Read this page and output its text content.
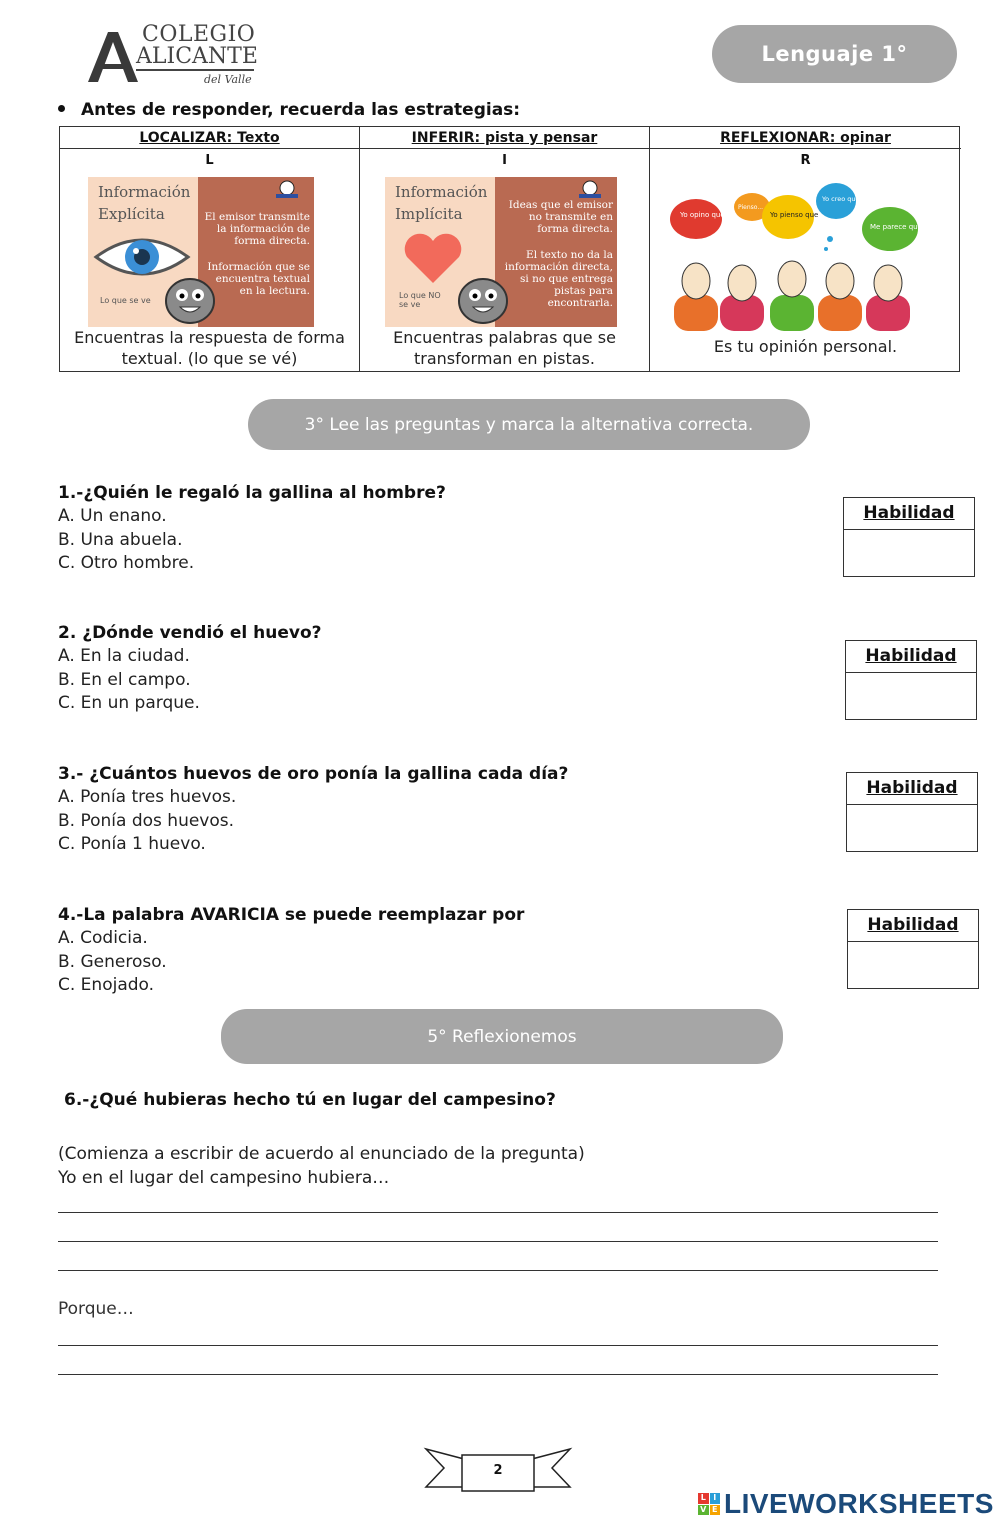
COLEGIO
ALICANTE
del Valle
Lenguaje 1°
Antes de responder, recuerda las estrategias:
LOCALIZAR: Texto
L
Información
Explícita	El emisor transmite la información de forma directa.
Información que se encuentra textual en la lectura.
Lo que se ve
Encuentras la respuesta de forma textual. (lo que se vé)
INFERIR: pista y pensar
I
Información
Implícita	Ideas que el emisor no transmite en forma directa.
El texto no da la información directa, si no que entrega pistas para encontrarla.
Lo que NO se ve
Encuentras palabras que se transforman en pistas.
REFLEXIONAR: opinar
R
Yo opino que...
Pienso...
Yo pienso que
Yo creo que...
Me parece que...
Es tu opinión personal.
3° Lee las preguntas y marca la alternativa correcta.
1.-¿Quién le regaló la gallina al hombre?
A. Un enano.
B. Una abuela.
C. Otro hombre.
Habilidad
2. ¿Dónde vendió el huevo?
A. En la ciudad.
B. En el campo.
C. En un parque.
Habilidad
3.- ¿Cuántos huevos de oro ponía la gallina cada día?
A. Ponía tres huevos.
B. Ponía dos huevos.
C. Ponía 1 huevo.
Habilidad
4.-La palabra AVARICIA se puede reemplazar por
A. Codicia.
B. Generoso.
C. Enojado.
Habilidad
5° Reflexionemos
6.-¿Qué hubieras hecho tú en lugar del campesino?
(Comienza a escribir de acuerdo al enunciado de la pregunta)
Yo en el lugar del campesino hubiera…
Porque…
2
L I
V E LIVEWORKSHEETS
